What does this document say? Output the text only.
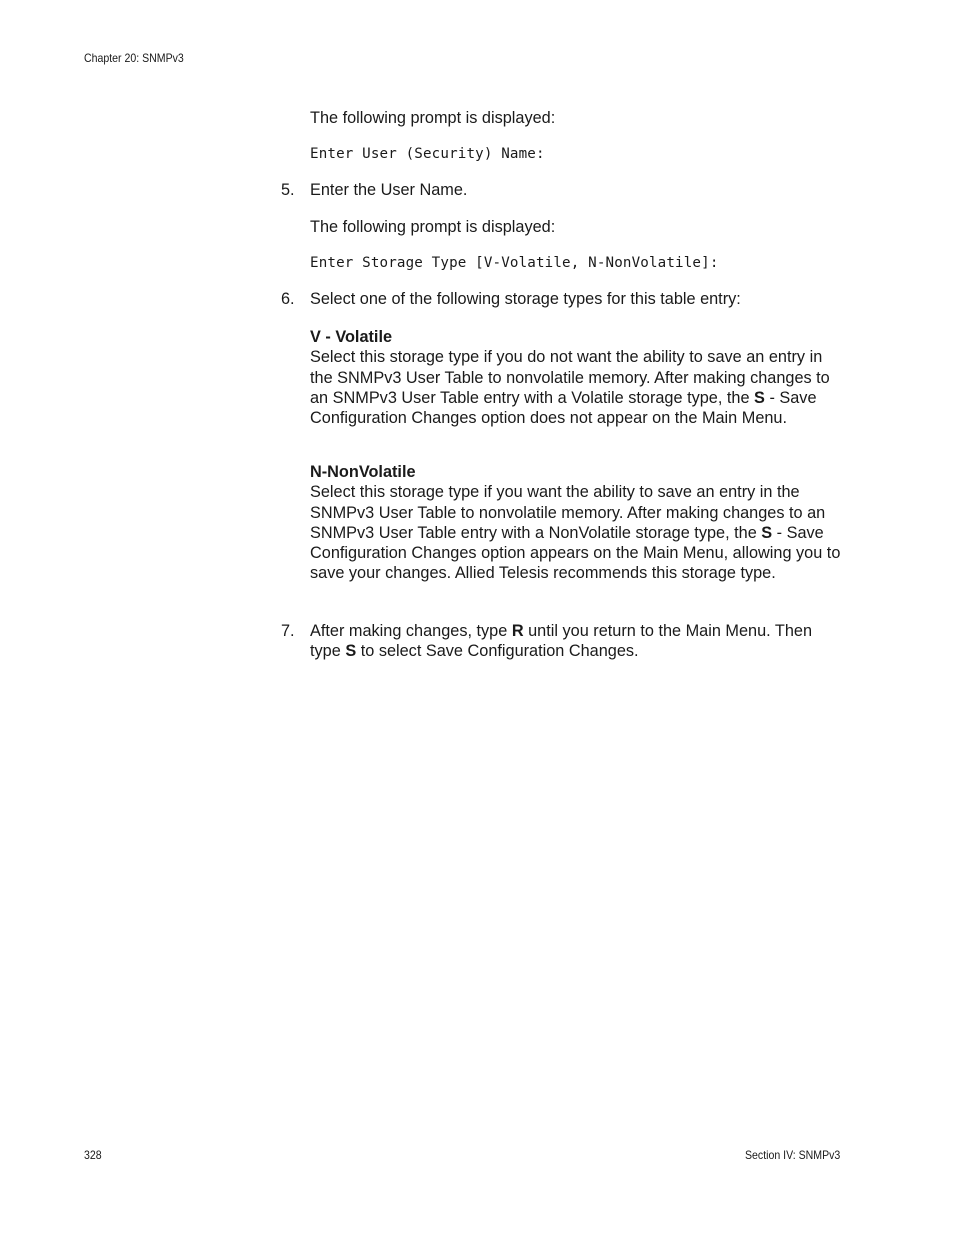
Chapter 20: SNMPv3

The following prompt is displayed:

Enter User (Security) Name:

5. Enter the User Name.

The following prompt is displayed:

Enter Storage Type [V-Volatile, N-NonVolatile]:

6. Select one of the following storage types for this table entry:

V - Volatile
Select this storage type if you do not want the ability to save an entry in the SNMPv3 User Table to nonvolatile memory. After making changes to an SNMPv3 User Table entry with a Volatile storage type, the S - Save Configuration Changes option does not appear on the Main Menu.
N-NonVolatile
Select this storage type if you want the ability to save an entry in the SNMPv3 User Table to nonvolatile memory. After making changes to an SNMPv3 User Table entry with a NonVolatile storage type, the S - Save Configuration Changes option appears on the Main Menu, allowing you to save your changes. Allied Telesis recommends this storage type.
7. After making changes, type R until you return to the Main Menu. Then type S to select Save Configuration Changes.

328	Section IV: SNMPv3
